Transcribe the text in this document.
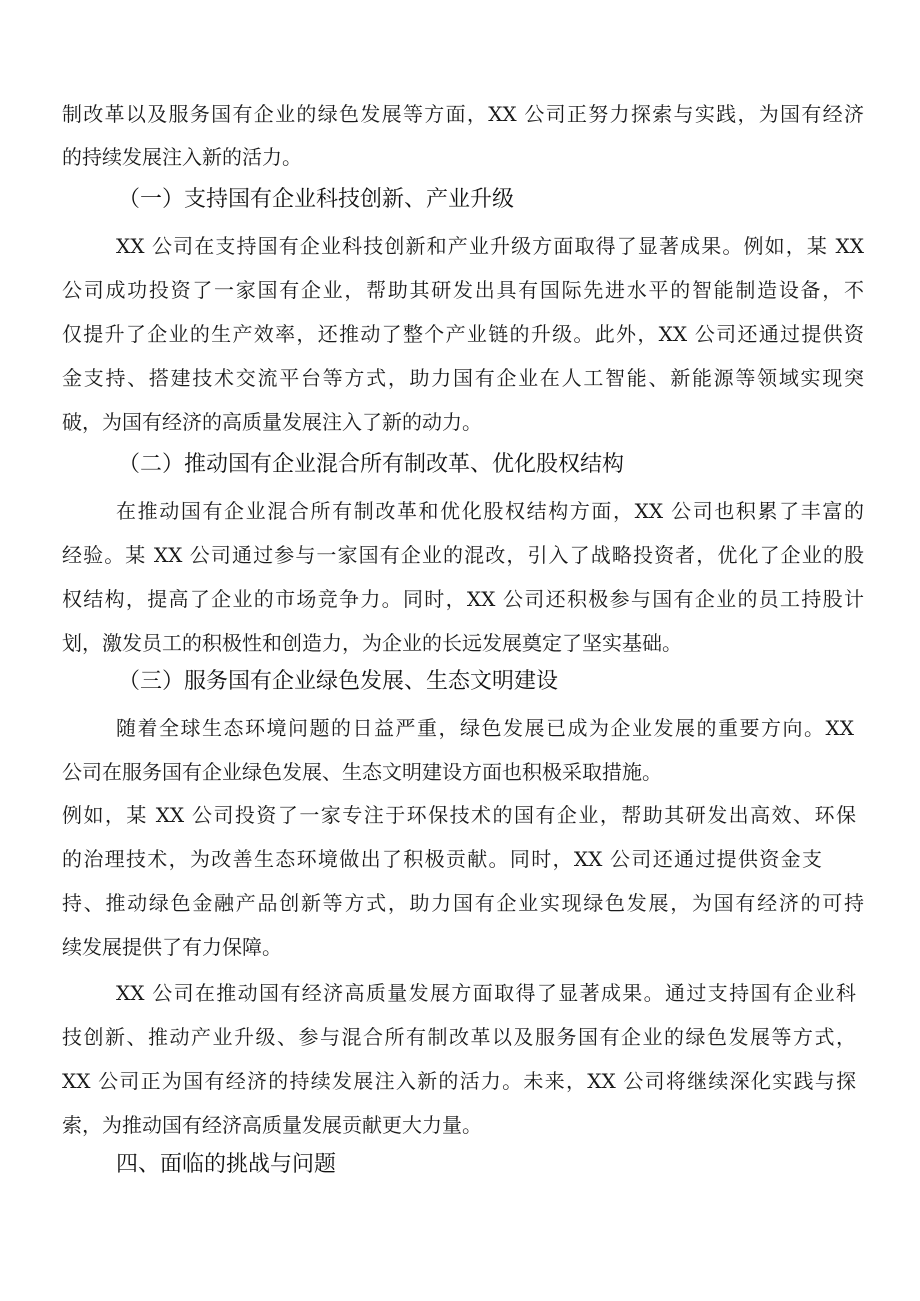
制改革以及服务国有企业的绿色发展等方面，XX 公司正努力探索与实践，为国有经济
的持续发展注入新的活力。
（一）支持国有企业科技创新、产业升级
XX 公司在支持国有企业科技创新和产业升级方面取得了显著成果。例如，某 XX
公司成功投资了一家国有企业，帮助其研发出具有国际先进水平的智能制造设备，不
仅提升了企业的生产效率，还推动了整个产业链的升级。此外，XX 公司还通过提供资
金支持、搭建技术交流平台等方式，助力国有企业在人工智能、新能源等领域实现突
破，为国有经济的高质量发展注入了新的动力。
（二）推动国有企业混合所有制改革、优化股权结构
在推动国有企业混合所有制改革和优化股权结构方面，XX 公司也积累了丰富的
经验。某 XX 公司通过参与一家国有企业的混改，引入了战略投资者，优化了企业的股
权结构，提高了企业的市场竞争力。同时，XX 公司还积极参与国有企业的员工持股计
划，激发员工的积极性和创造力，为企业的长远发展奠定了坚实基础。
（三）服务国有企业绿色发展、生态文明建设
随着全球生态环境问题的日益严重，绿色发展已成为企业发展的重要方向。XX
公司在服务国有企业绿色发展、生态文明建设方面也积极采取措施。
例如，某 XX 公司投资了一家专注于环保技术的国有企业，帮助其研发出高效、环保
的治理技术，为改善生态环境做出了积极贡献。同时，XX 公司还通过提供资金支
持、推动绿色金融产品创新等方式，助力国有企业实现绿色发展，为国有经济的可持
续发展提供了有力保障。
XX 公司在推动国有经济高质量发展方面取得了显著成果。通过支持国有企业科
技创新、推动产业升级、参与混合所有制改革以及服务国有企业的绿色发展等方式，
XX 公司正为国有经济的持续发展注入新的活力。未来，XX 公司将继续深化实践与探
索，为推动国有经济高质量发展贡献更大力量。
四、面临的挑战与问题
